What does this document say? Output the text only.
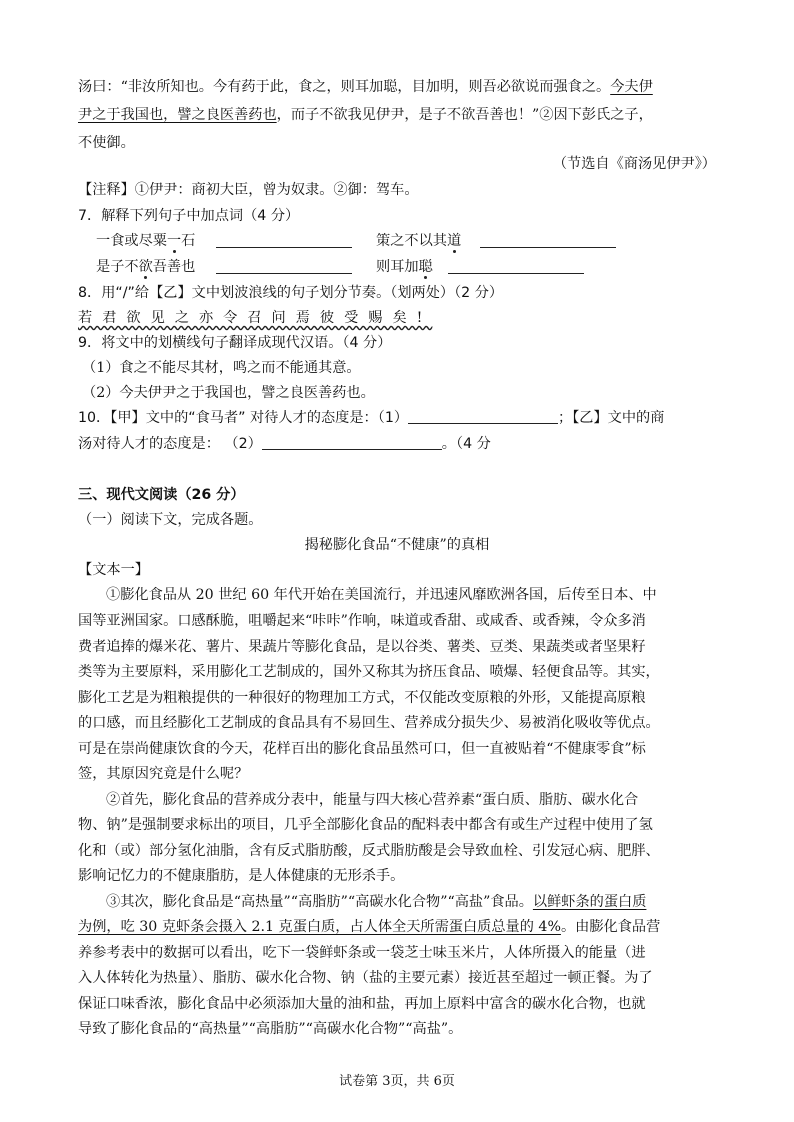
汤曰：“非汝所知也。今有药于此，食之，则耳加聪，目加明，则吾必欲说而强食之。今夫伊
尹之于我国也，譬之良医善药也，而子不欲我见伊尹，是子不欲吾善也！”②因下彭氏之子，
不使御。
（节选自《商汤见伊尹》）
【注释】①伊尹：商初大臣，曾为奴隶。②御：驾车。
7．解释下列句子中加点词（4 分）
一食或尽粟一石	策之不以其道
是子不欲吾善也	则耳加聪
8．用“/”给【乙】文中划波浪线的句子划分节奏。（划两处）（2 分）
若君欲见之亦令召问焉彼受赐矣!
9．将文中的划横线句子翻译成现代汉语。（4 分）
（1）食之不能尽其材，鸣之而不能通其意。
（2）今夫伊尹之于我国也，譬之良医善药也。
10．【甲】文中的“食马者” 对待人才的态度是：（1）	；【乙】文中的商
汤对待人才的态度是： （2）	。（4 分
三、现代文阅读（26 分）
（一）阅读下文，完成各题。
揭秘膨化食品“不健康”的真相
【文本一】
①膨化食品从 20 世纪 60 年代开始在美国流行，并迅速风靡欧洲各国，后传至日本、中
国等亚洲国家。口感酥脆，咀嚼起来“咔咔”作响，味道或香甜、或咸香、或香辣，令众多消
费者追捧的爆米花、薯片、果蔬片等膨化食品，是以谷类、薯类、豆类、果蔬类或者坚果籽
类等为主要原料，采用膨化工艺制成的，国外又称其为挤压食品、喷爆、轻便食品等。其实，
膨化工艺是为粗粮提供的一种很好的物理加工方式，不仅能改变原粮的外形，又能提高原粮
的口感，而且经膨化工艺制成的食品具有不易回生、营养成分损失少、易被消化吸收等优点。
可是在崇尚健康饮食的今天，花样百出的膨化食品虽然可口，但一直被贴着“不健康零食”标
签，其原因究竟是什么呢？
②首先，膨化食品的营养成分表中，能量与四大核心营养素“蛋白质、脂肪、碳水化合
物、钠”是强制要求标出的项目，几乎全部膨化食品的配料表中都含有或生产过程中使用了氢
化和（或）部分氢化油脂，含有反式脂肪酸，反式脂肪酸是会导致血栓、引发冠心病、肥胖、
影响记忆力的不健康脂肪，是人体健康的无形杀手。
③其次，膨化食品是“高热量”“高脂肪”“高碳水化合物”“高盐”食品。以鲜虾条的蛋白质
为例，吃 30 克虾条会摄入 2.1 克蛋白质，占人体全天所需蛋白质总量的 4%。由膨化食品营
养参考表中的数据可以看出，吃下一袋鲜虾条或一袋芝士味玉米片，人体所摄入的能量（进
入人体转化为热量）、脂肪、碳水化合物、钠（盐的主要元素）接近甚至超过一顿正餐。为了
保证口味香浓，膨化食品中必须添加大量的油和盐，再加上原料中富含的碳水化合物，也就
导致了膨化食品的“高热量”“高脂肪”“高碳水化合物”“高盐”。
试卷第 3页，共 6页
